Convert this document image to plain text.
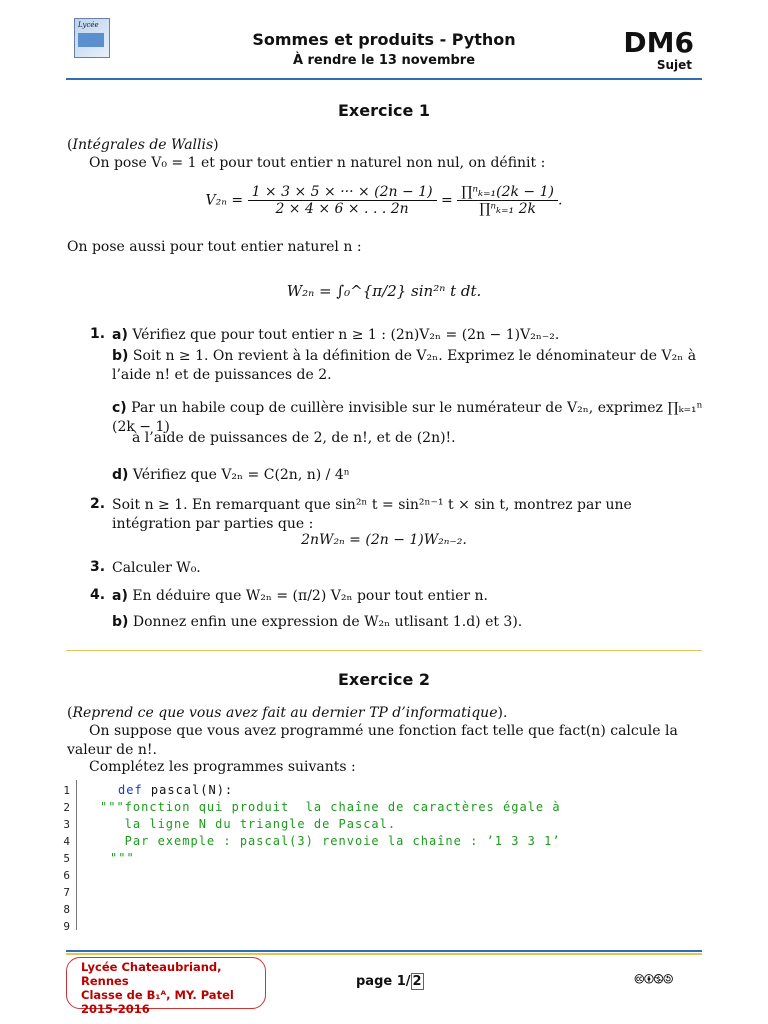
Lycée
Sommes et produits - Python
À rendre le 13 novembre
DM6
Sujet
Exercice 1
(Intégrales de Wallis)
On pose V₀ = 1 et pour tout entier n naturel non nul, on définit :
$V_{2n} = \frac{1 \times 3 \times 5 \times \cdot\cdot\cdot \times (2n - 1)}{2 \times 4 \times 6 \times . . . 2n} = \frac{\text{∏ⁿₖ₌₁(2k − 1)}}{\text{∏ⁿₖ₌₁ 2k}}$ .
On pose aussi pour tout entier naturel n :
W₂ₙ = ∫₀^{π/2} sin²ⁿ t dt.
1. a) Vérifiez que pour tout entier n ≥ 1 : (2n)V₂ₙ = (2n − 1)V₂ₙ₋₂.
b) Soit n ≥ 1. On revient à la définition de V₂ₙ. Exprimez le dénominateur de V₂ₙ à l’aide n! et de puissances de 2.
c) Par un habile coup de cuillère invisible sur le numérateur de V₂ₙ, exprimez ∏ₖ₌₁ⁿ (2k − 1)
à l’aide de puissances de 2, de n!, et de (2n)!.
d) Vérifiez que V₂ₙ = C(2n, n) / 4ⁿ
2. Soit n ≥ 1. En remarquant que sin²ⁿ t = sin²ⁿ⁻¹ t × sin t, montrez par une intégration par parties que :
2nW₂ₙ = (2n − 1)W₂ₙ₋₂.
3. Calculer W₀.
4. a) En déduire que W₂ₙ = (π/2) V₂ₙ pour tout entier n.
b) Donnez enfin une expression de W₂ₙ utlisant 1.d) et 3).
Exercice 2
(Reprend ce que vous avez fait au dernier TP d’informatique).
On suppose que vous avez programmé une fonction fact telle que fact(n) calcule la valeur de n!.
Complétez les programmes suivants :
1
2
3
4
5
6
7
8
9
def pascal(N):
"""fonction qui produit  la chaîne de caractères égale à
la ligne N du triangle de Pascal.
Par exemple : pascal(3) renvoie la chaîne : ’1 3 3 1’
"""
Lycée Chateaubriand, Rennes
Classe de B₁ᴬ, MY. Patel
2015-2016
page 1/ 2	🅭🅯🄏🄎
